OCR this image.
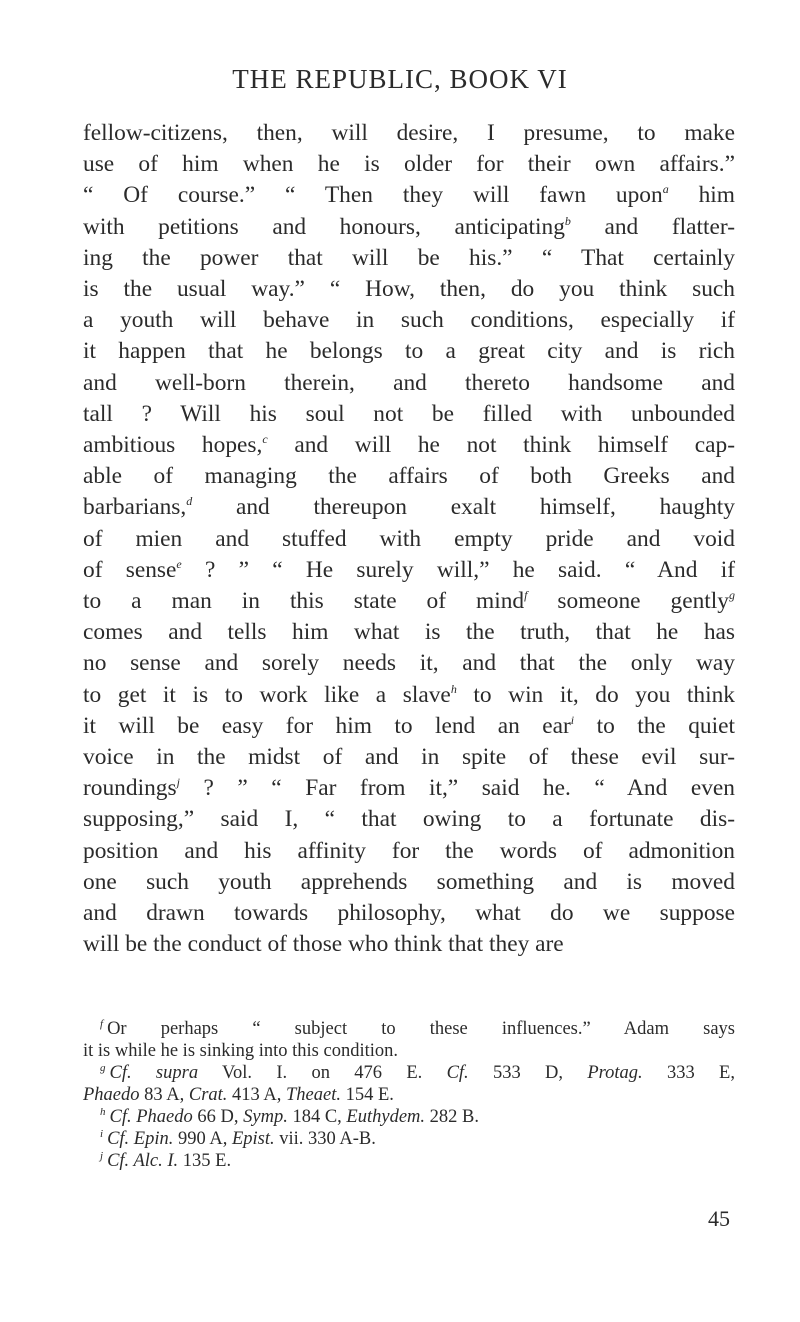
THE REPUBLIC, BOOK VI
fellow-citizens, then, will desire, I presume, to make
use of him when he is older for their own affairs.”
“ Of course.” “ Then they will fawn upon$^a$ him
with petitions and honours, anticipating$^b$ and flatter-
ing the power that will be his.” “ That certainly
is the usual way.” “ How, then, do you think such
a youth will behave in such conditions, especially if
it happen that he belongs to a great city and is rich
and well-born therein, and thereto handsome and
tall ? Will his soul not be filled with unbounded
ambitious hopes,$^c$ and will he not think himself cap-
able of managing the affairs of both Greeks and
barbarians,$^d$ and thereupon exalt himself, haughty
of mien and stuffed with empty pride and void
of sense$^e$ ? ” “ He surely will,” he said. “ And if
to a man in this state of mind$^f$ someone gently$^g$
comes and tells him what is the truth, that he has
no sense and sorely needs it, and that the only way
to get it is to work like a slave$^h$ to win it, do you think
it will be easy for him to lend an ear$^i$ to the quiet
voice in the midst of and in spite of these evil sur-
roundings$^j$ ? ” “ Far from it,” said he. “ And even
supposing,” said I, “ that owing to a fortunate dis-
position and his affinity for the words of admonition
one such youth apprehends something and is moved
and drawn towards philosophy, what do we suppose
will be the conduct of those who think that they are
$^f$ Or perhaps “ subject to these influences.” Adam says
it is while he is sinking into this condition.
$^g$ Cf. supra Vol. I. on 476 E. Cf. 533 D, Protag. 333 E,
Phaedo 83 A, Crat. 413 A, Theaet. 154 E.
$^h$ Cf. Phaedo 66 D, Symp. 184 C, Euthydem. 282 B.
$^i$ Cf. Epin. 990 A, Epist. vii. 330 A-B.
$^j$ Cf. Alc. I. 135 E.
45
